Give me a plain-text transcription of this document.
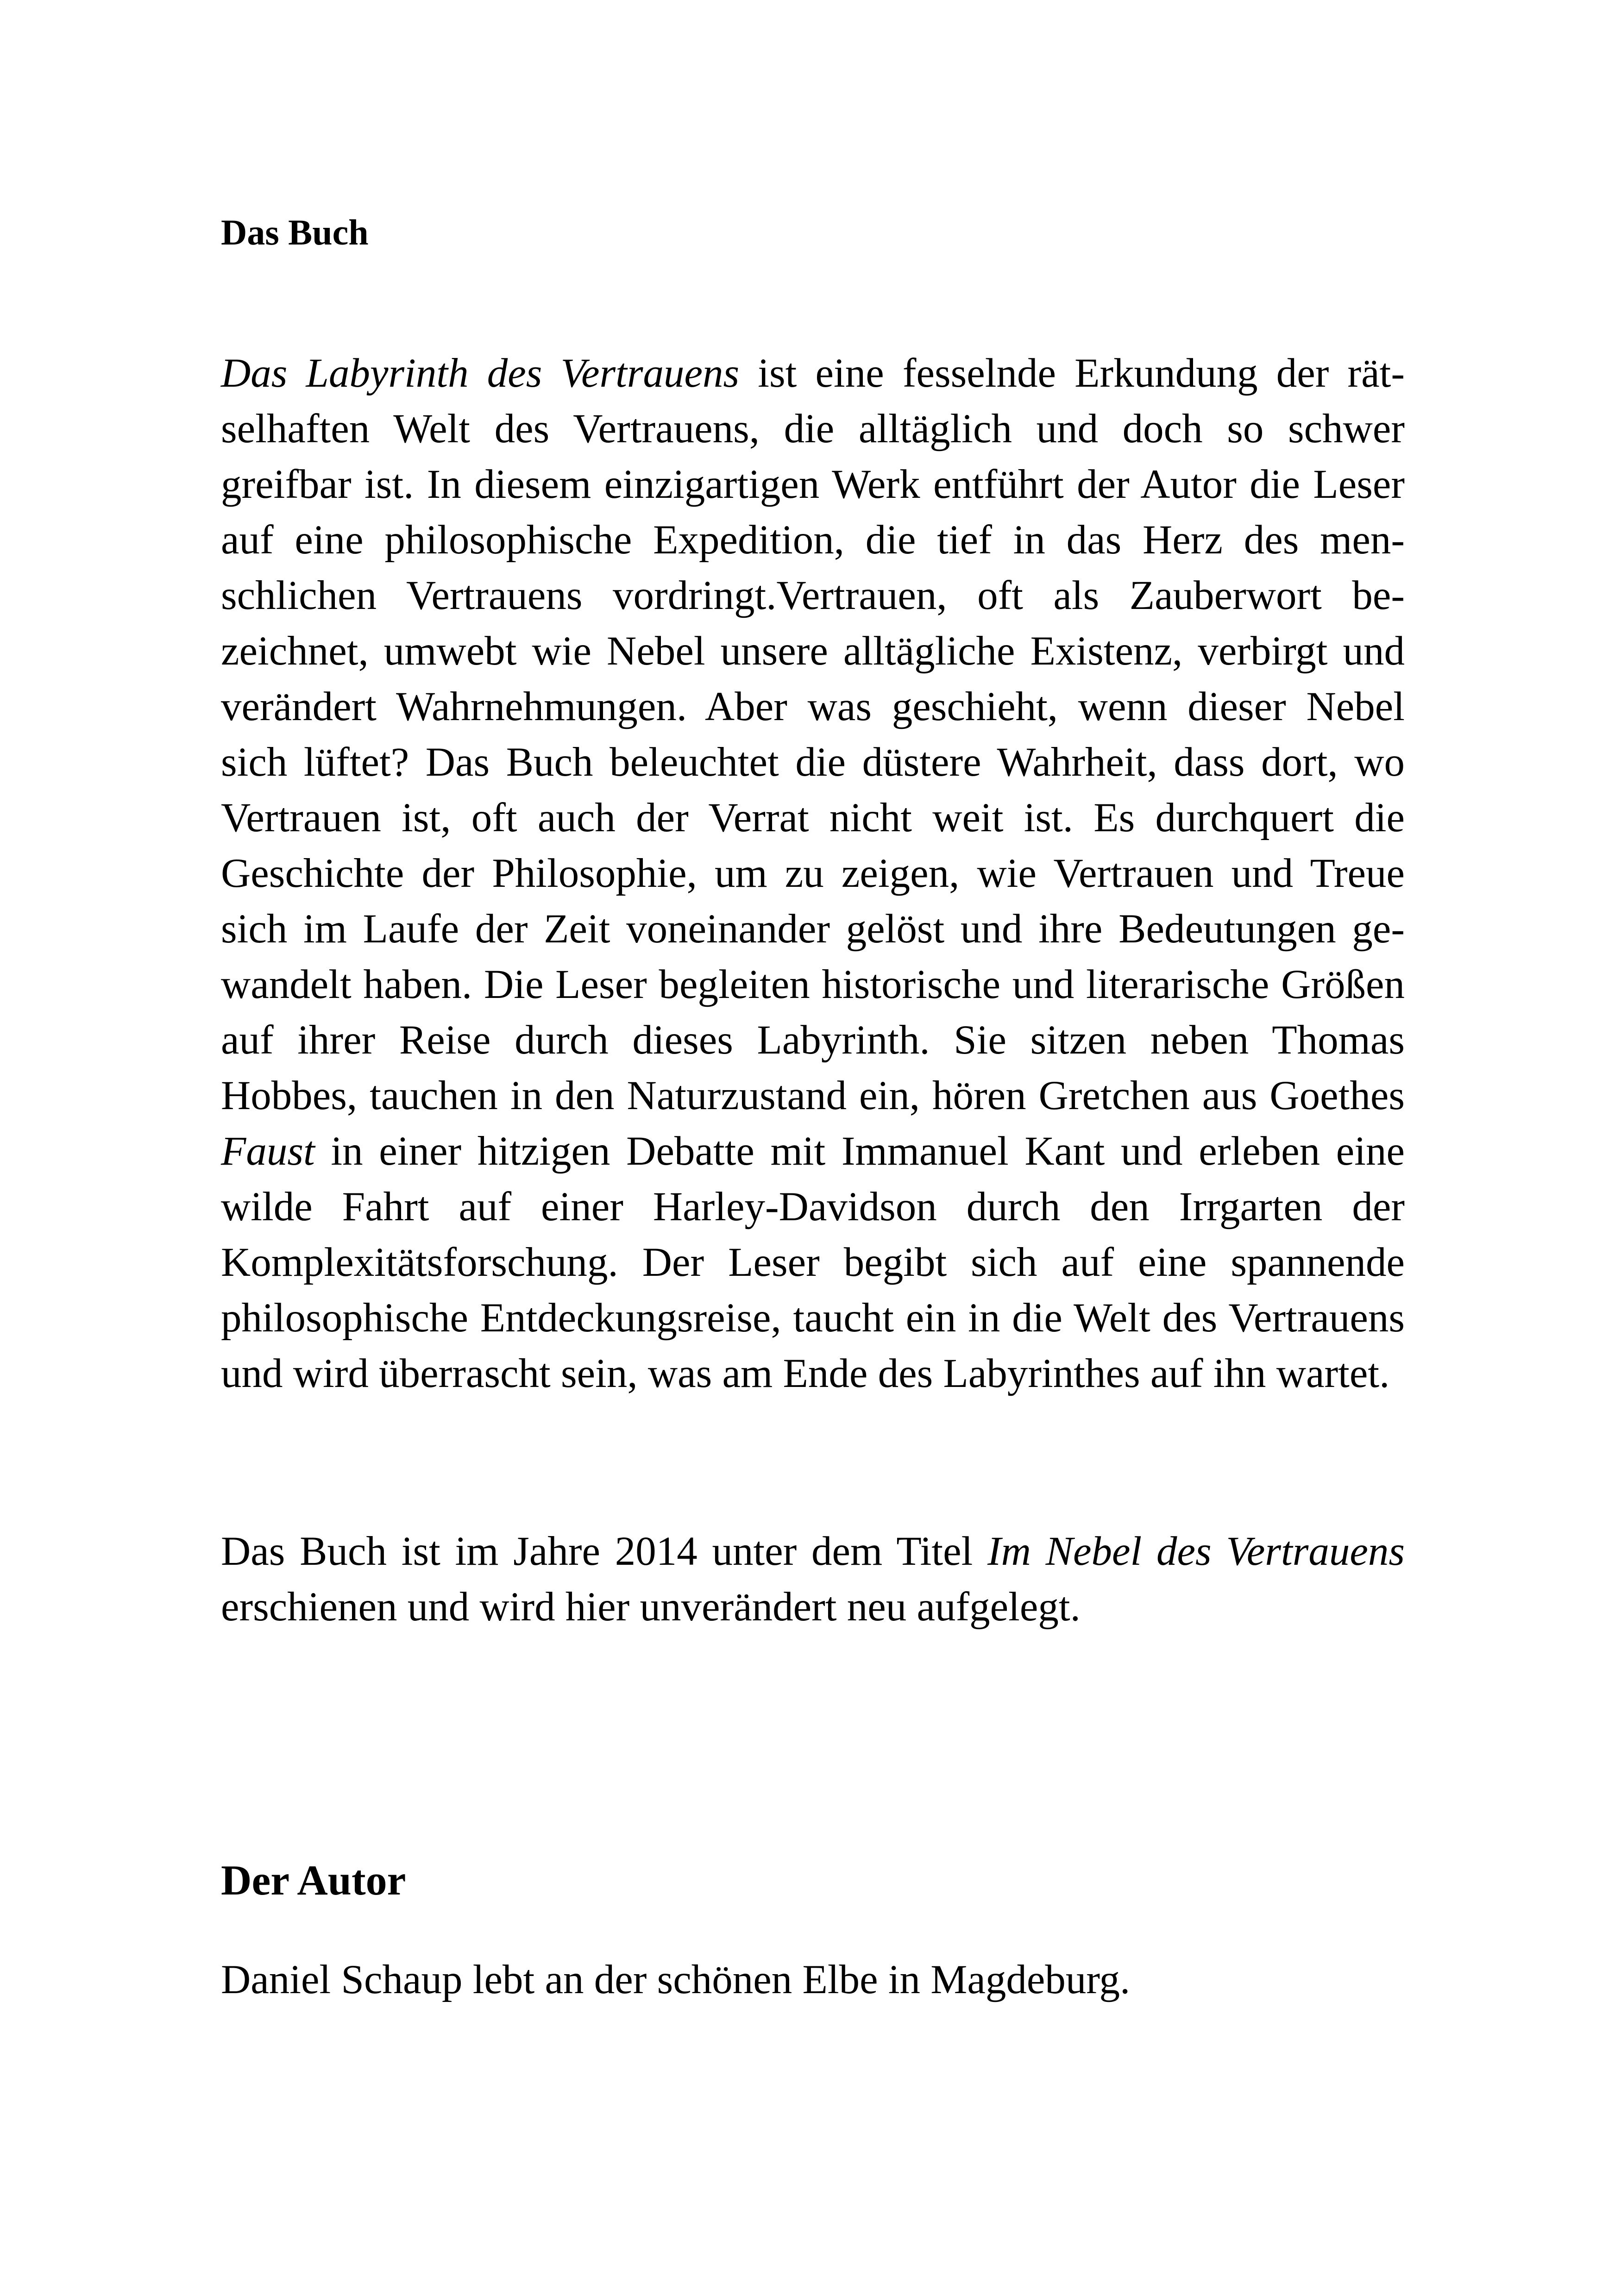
Das Buch

Das Labyrinth des Vertrauens ist eine fesselnde Erkundung der rätselhaften Welt des Vertrauens, die alltäglich und doch so schwer greifbar ist. In diesem einzigartigen Werk entführt der Autor die Leser auf eine philosophische Expedition, die tief in das Herz des menschlichen Vertrauens vordringt.Vertrauen, oft als Zauberwort bezeichnet, umwebt wie Nebel unsere alltägliche Existenz, verbirgt und verändert Wahrnehmungen. Aber was geschieht, wenn dieser Nebel sich lüftet? Das Buch beleuchtet die düstere Wahrheit, dass dort, wo Vertrauen ist, oft auch der Verrat nicht weit ist. Es durchquert die Geschichte der Philosophie, um zu zeigen, wie Vertrauen und Treue sich im Laufe der Zeit voneinander gelöst und ihre Bedeutungen gewandelt haben. Die Leser begleiten historische und literarische Größen auf ihrer Reise durch dieses Labyrinth. Sie sitzen neben Thomas Hobbes, tauchen in den Naturzustand ein, hören Gretchen aus Goethes Faust in einer hitzigen Debatte mit Immanuel Kant und erleben eine wilde Fahrt auf einer Harley-Davidson durch den Irrgarten der Komplexitätsforschung. Der Leser begibt sich auf eine spannende philosophische Entdeckungsreise, taucht ein in die Welt des Vertrauens und wird überrascht sein, was am Ende des Labyrinthes auf ihn wartet.

Das Buch ist im Jahre 2014 unter dem Titel Im Nebel des Vertrauens
erschienen und wird hier unverändert neu aufgelegt.

Der Autor

Daniel Schaup lebt an der schönen Elbe in Magdeburg.
